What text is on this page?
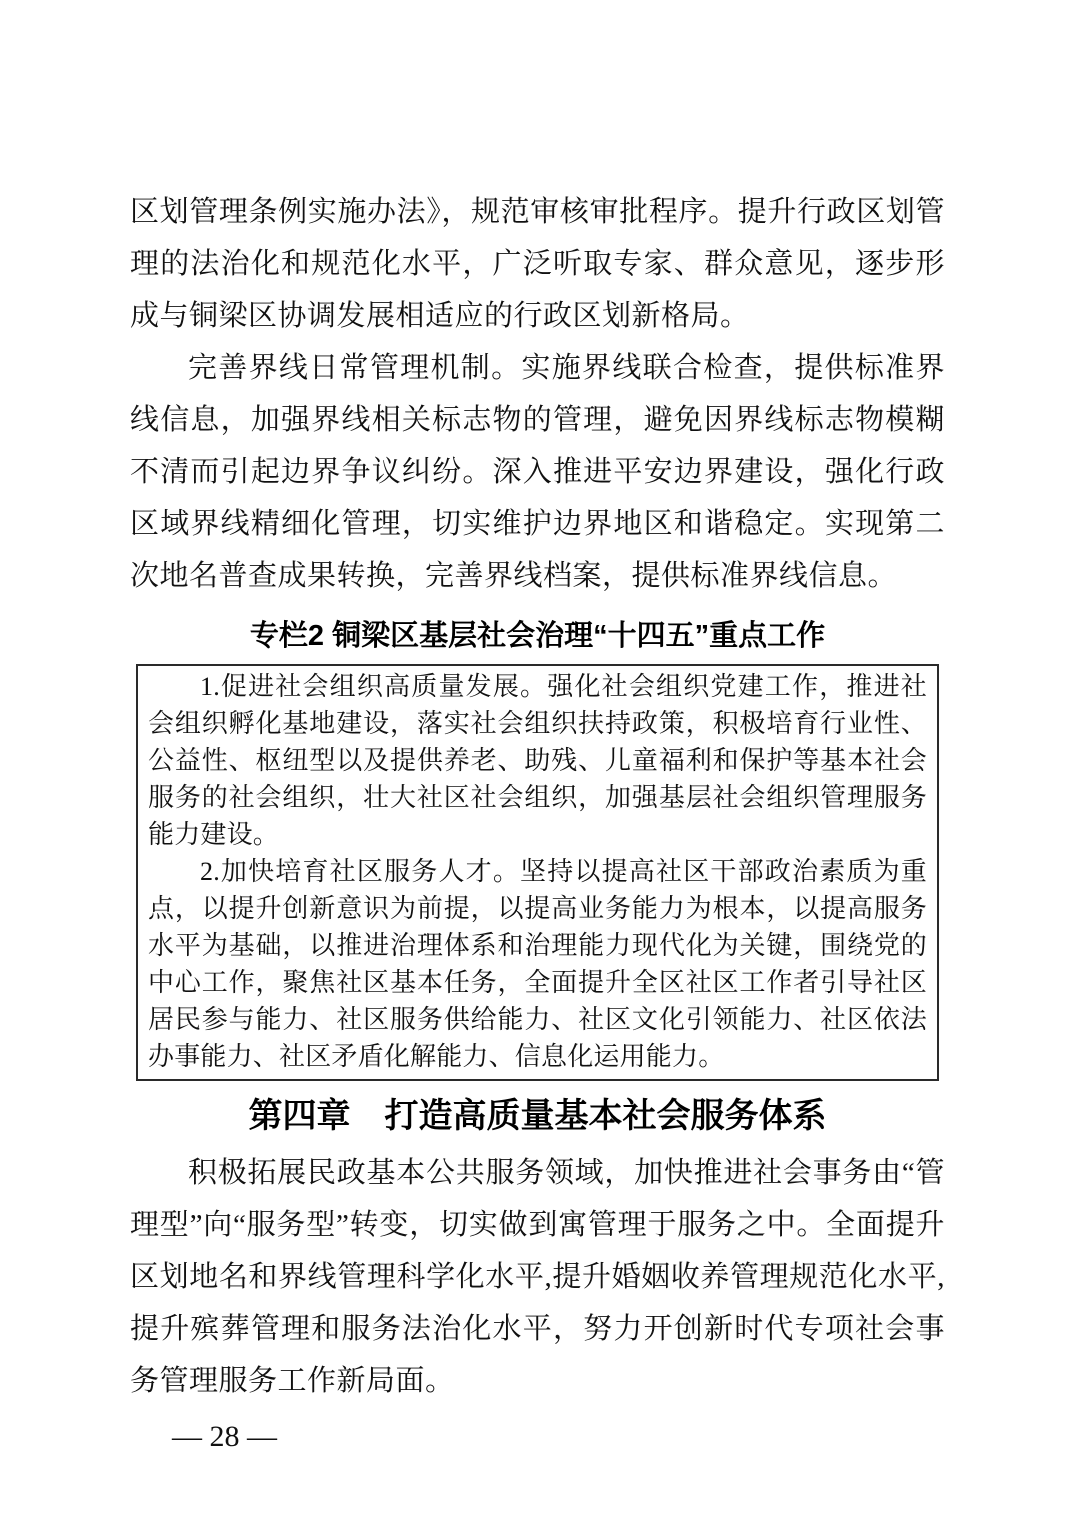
区划管理条例实施办法》，规范审核审批程序。提升行政区划管理的法治化和规范化水平，广泛听取专家、群众意见，逐步形成与铜梁区协调发展相适应的行政区划新格局。

完善界线日常管理机制。实施界线联合检查，提供标准界线信息，加强界线相关标志物的管理，避免因界线标志物模糊不清而引起边界争议纠纷。深入推进平安边界建设，强化行政区域界线精细化管理，切实维护边界地区和谐稳定。实现第二次地名普查成果转换，完善界线档案，提供标准界线信息。

专栏2 铜梁区基层社会治理“十四五”重点工作

1.促进社会组织高质量发展。强化社会组织党建工作，推进社会组织孵化基地建设，落实社会组织扶持政策，积极培育行业性、公益性、枢纽型以及提供养老、助残、儿童福利和保护等基本社会服务的社会组织，壮大社区社会组织，加强基层社会组织管理服务能力建设。

2.加快培育社区服务人才。坚持以提高社区干部政治素质为重点，以提升创新意识为前提，以提高业务能力为根本，以提高服务水平为基础，以推进治理体系和治理能力现代化为关键，围绕党的中心工作，聚焦社区基本任务，全面提升全区社区工作者引导社区居民参与能力、社区服务供给能力、社区文化引领能力、社区依法办事能力、社区矛盾化解能力、信息化运用能力。

第四章　打造高质量基本社会服务体系

积极拓展民政基本公共服务领域，加快推进社会事务由“管理型”向“服务型”转变，切实做到寓管理于服务之中。全面提升区划地名和界线管理科学化水平,提升婚姻收养管理规范化水平,提升殡葬管理和服务法治化水平，努力开创新时代专项社会事务管理服务工作新局面。

— 28 —
